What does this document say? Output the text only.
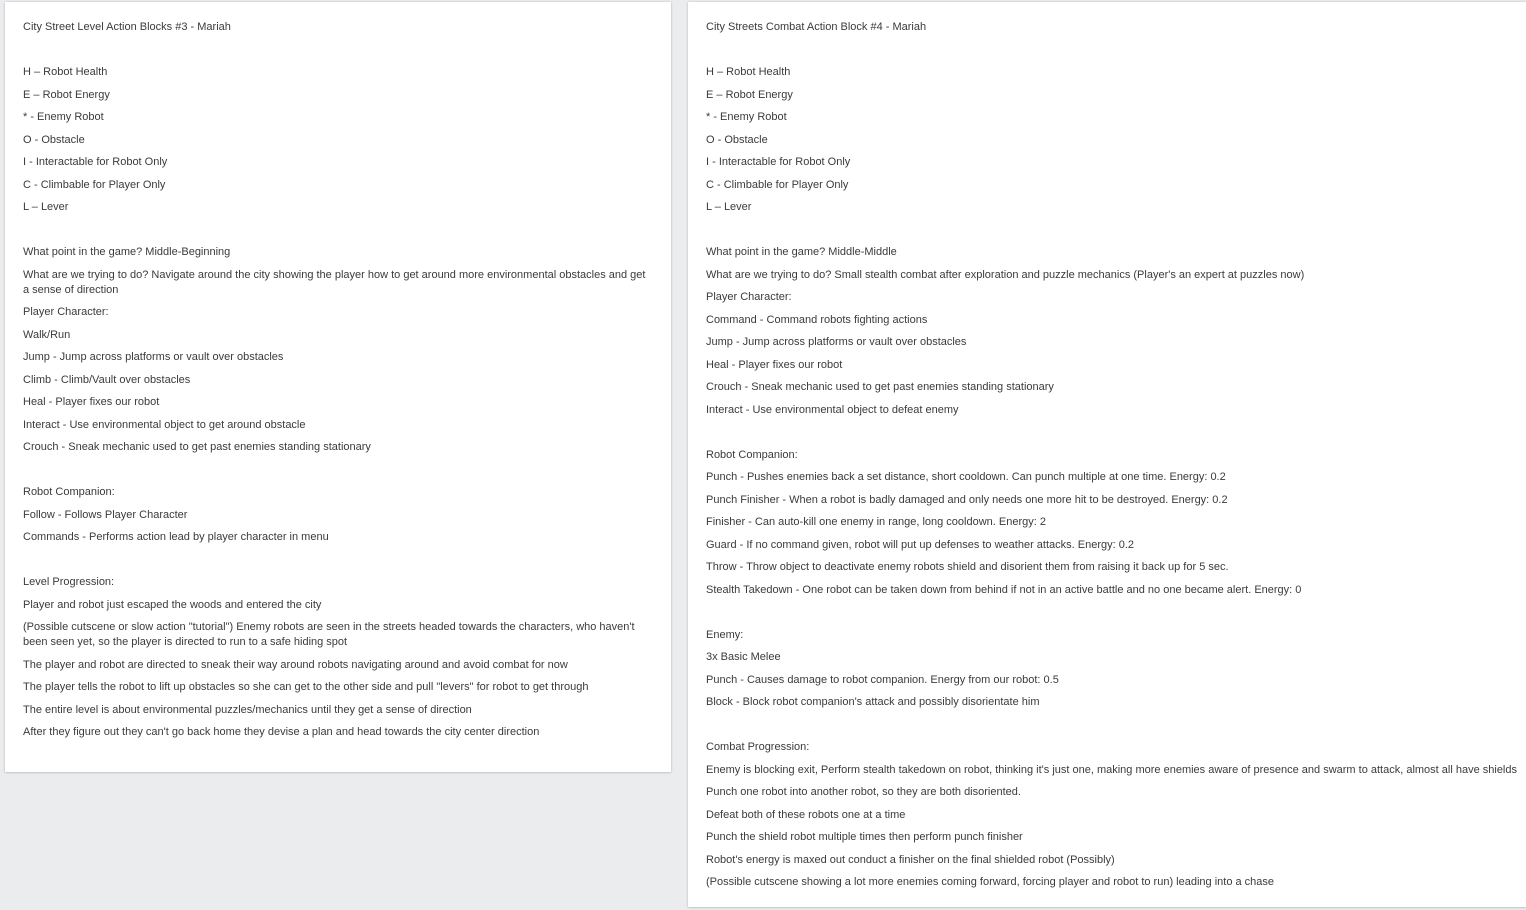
City Street Level Action Blocks #3 - Mariah

H – Robot Health

E – Robot Energy

* - Enemy Robot

O - Obstacle

I - Interactable for Robot Only

C - Climbable for Player Only

L – Lever

What point in the game? Middle-Beginning

What are we trying to do? Navigate around the city showing the player how to get around more environmental obstacles and get a sense of direction

Player Character:

Walk/Run

Jump - Jump across platforms or vault over obstacles

Climb - Climb/Vault over obstacles

Heal - Player fixes our robot

Interact - Use environmental object to get around obstacle

Crouch - Sneak mechanic used to get past enemies standing stationary

Robot Companion:

Follow - Follows Player Character

Commands - Performs action lead by player character in menu

Level Progression:

Player and robot just escaped the woods and entered the city

(Possible cutscene or slow action "tutorial") Enemy robots are seen in the streets headed towards the characters, who haven't been seen yet, so the player is directed to run to a safe hiding spot

The player and robot are directed to sneak their way around robots navigating around and avoid combat for now

The player tells the robot to lift up obstacles so she can get to the other side and pull "levers" for robot to get through

The entire level is about environmental puzzles/mechanics until they get a sense of direction

After they figure out they can't go back home they devise a plan and head towards the city center direction

City Streets Combat Action Block #4 - Mariah

H – Robot Health

E – Robot Energy

* - Enemy Robot

O - Obstacle

I - Interactable for Robot Only

C - Climbable for Player Only

L – Lever

What point in the game? Middle-Middle

What are we trying to do? Small stealth combat after exploration and puzzle mechanics (Player's an expert at puzzles now)

Player Character:

Command - Command robots fighting actions

Jump - Jump across platforms or vault over obstacles

Heal - Player fixes our robot

Crouch - Sneak mechanic used to get past enemies standing stationary

Interact - Use environmental object to defeat enemy

Robot Companion:

Punch - Pushes enemies back a set distance, short cooldown. Can punch multiple at one time. Energy: 0.2

Punch Finisher - When a robot is badly damaged and only needs one more hit to be destroyed. Energy: 0.2

Finisher - Can auto-kill one enemy in range, long cooldown. Energy: 2

Guard - If no command given, robot will put up defenses to weather attacks. Energy: 0.2

Throw - Throw object to deactivate enemy robots shield and disorient them from raising it back up for 5 sec.

Stealth Takedown - One robot can be taken down from behind if not in an active battle and no one became alert. Energy: 0

Enemy:

3x Basic Melee

Punch - Causes damage to robot companion. Energy from our robot: 0.5

Block - Block robot companion's attack and possibly disorientate him

Combat Progression:

Enemy is blocking exit, Perform stealth takedown on robot, thinking it's just one, making more enemies aware of presence and swarm to attack, almost all have shields

Punch one robot into another robot, so they are both disoriented.

Defeat both of these robots one at a time

Punch the shield robot multiple times then perform punch finisher

Robot's energy is maxed out conduct a finisher on the final shielded robot (Possibly)

(Possible cutscene showing a lot more enemies coming forward, forcing player and robot to run) leading into a chase
